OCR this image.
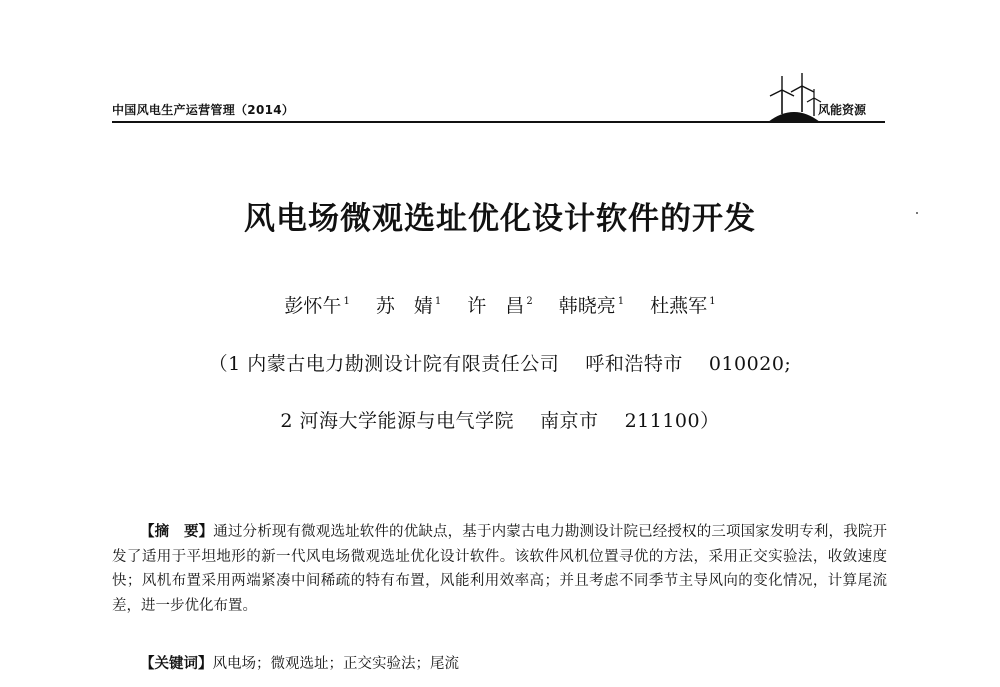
中国风电生产运营管理（2014）	风能资源
风电场微观选址优化设计软件的开发
彭怀午 $^1$ 苏　婧 $^1$ 许　昌 $^2$ 韩晓亮 $^1$ 杜燕军 $^1$
（1 内蒙古电力勘测设计院有限责任公司　 呼和浩特市　 010020;
2 河海大学能源与电气学院　 南京市　 211100）
【摘　要】通过分析现有微观选址软件的优缺点，基于内蒙古电力勘测设计院已经授权的三项国家发明专利，我院开发了适用于平坦地形的新一代风电场微观选址优化设计软件。该软件风机位置寻优的方法，采用正交实验法，收敛速度快；风机布置采用两端紧凑中间稀疏的特有布置，风能利用效率高；并且考虑不同季节主导风向的变化情况，计算尾流差，进一步优化布置。
【关键词】风电场；微观选址；正交实验法；尾流
